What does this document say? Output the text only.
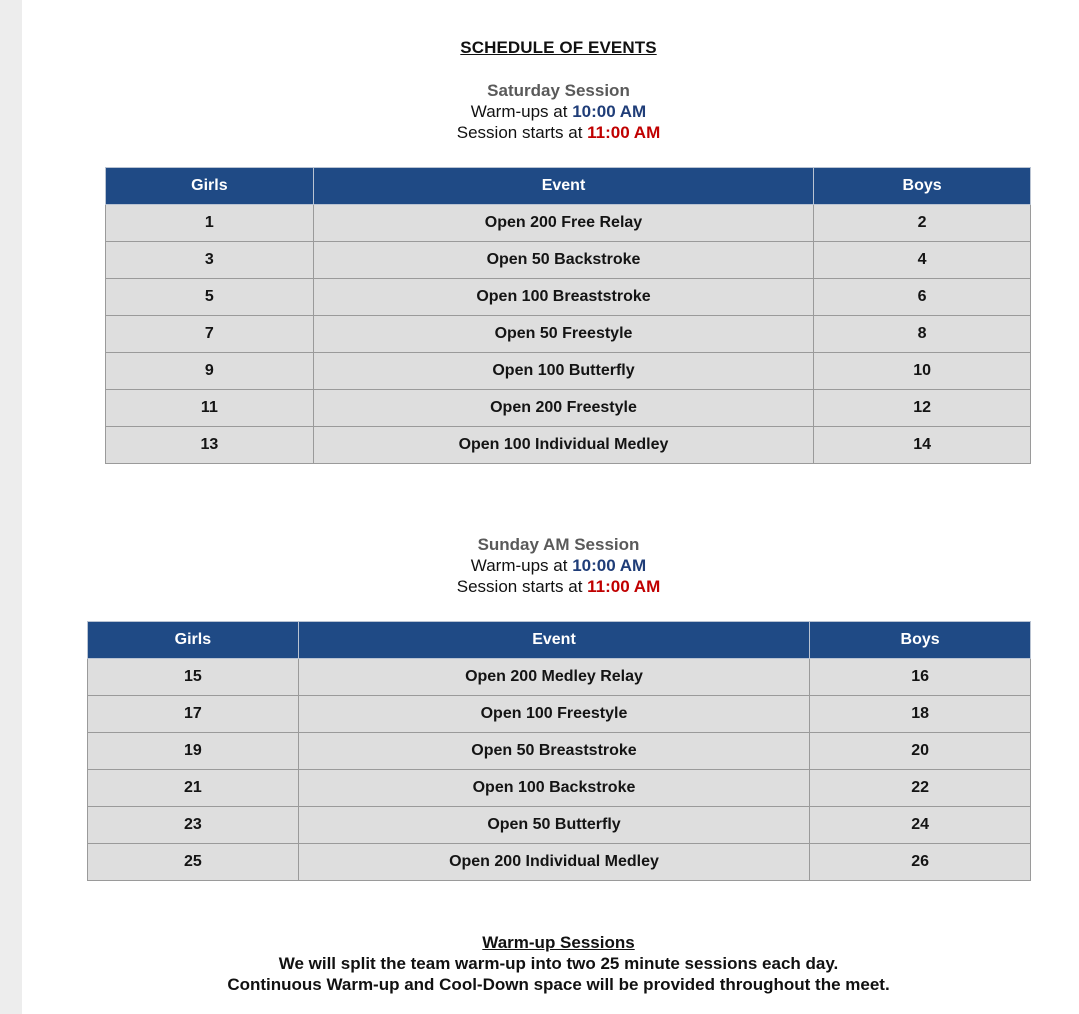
SCHEDULE OF EVENTS
Saturday Session
Warm-ups at 10:00 AM
Session starts at 11:00 AM
Girls	Event	Boys
1	Open 200 Free Relay	2
3	Open 50 Backstroke	4
5	Open 100 Breaststroke	6
7	Open 50 Freestyle	8
9	Open 100 Butterfly	10
11	Open 200 Freestyle	12
13	Open 100 Individual Medley	14
Sunday AM Session
Warm-ups at 10:00 AM
Session starts at 11:00 AM
Girls	Event	Boys
15	Open 200 Medley Relay	16
17	Open 100 Freestyle	18
19	Open 50 Breaststroke	20
21	Open 100 Backstroke	22
23	Open 50 Butterfly	24
25	Open 200 Individual Medley	26
Warm-up Sessions
We will split the team warm-up into two 25 minute sessions each day.
Continuous Warm-up and Cool-Down space will be provided throughout the meet.
